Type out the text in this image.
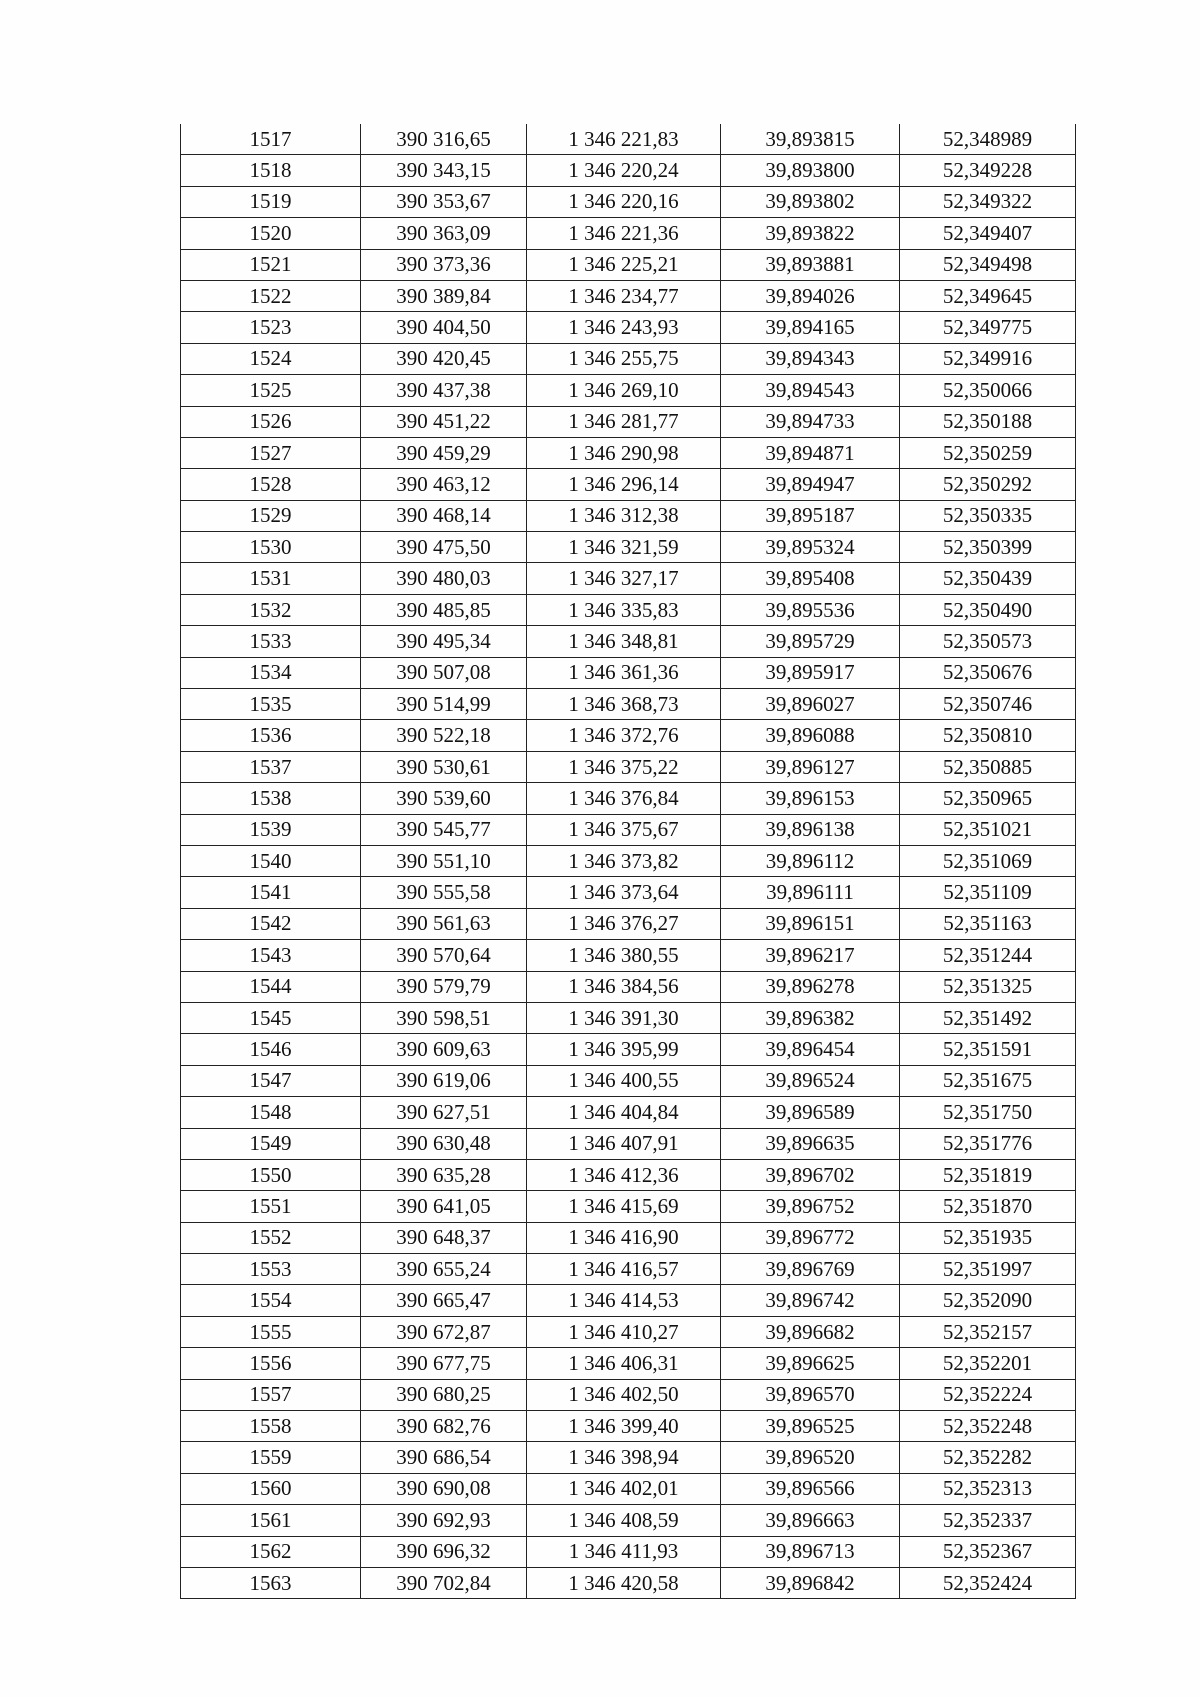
1517	390 316,65	1 346 221,83	39,893815	52,348989
1518	390 343,15	1 346 220,24	39,893800	52,349228
1519	390 353,67	1 346 220,16	39,893802	52,349322
1520	390 363,09	1 346 221,36	39,893822	52,349407
1521	390 373,36	1 346 225,21	39,893881	52,349498
1522	390 389,84	1 346 234,77	39,894026	52,349645
1523	390 404,50	1 346 243,93	39,894165	52,349775
1524	390 420,45	1 346 255,75	39,894343	52,349916
1525	390 437,38	1 346 269,10	39,894543	52,350066
1526	390 451,22	1 346 281,77	39,894733	52,350188
1527	390 459,29	1 346 290,98	39,894871	52,350259
1528	390 463,12	1 346 296,14	39,894947	52,350292
1529	390 468,14	1 346 312,38	39,895187	52,350335
1530	390 475,50	1 346 321,59	39,895324	52,350399
1531	390 480,03	1 346 327,17	39,895408	52,350439
1532	390 485,85	1 346 335,83	39,895536	52,350490
1533	390 495,34	1 346 348,81	39,895729	52,350573
1534	390 507,08	1 346 361,36	39,895917	52,350676
1535	390 514,99	1 346 368,73	39,896027	52,350746
1536	390 522,18	1 346 372,76	39,896088	52,350810
1537	390 530,61	1 346 375,22	39,896127	52,350885
1538	390 539,60	1 346 376,84	39,896153	52,350965
1539	390 545,77	1 346 375,67	39,896138	52,351021
1540	390 551,10	1 346 373,82	39,896112	52,351069
1541	390 555,58	1 346 373,64	39,896111	52,351109
1542	390 561,63	1 346 376,27	39,896151	52,351163
1543	390 570,64	1 346 380,55	39,896217	52,351244
1544	390 579,79	1 346 384,56	39,896278	52,351325
1545	390 598,51	1 346 391,30	39,896382	52,351492
1546	390 609,63	1 346 395,99	39,896454	52,351591
1547	390 619,06	1 346 400,55	39,896524	52,351675
1548	390 627,51	1 346 404,84	39,896589	52,351750
1549	390 630,48	1 346 407,91	39,896635	52,351776
1550	390 635,28	1 346 412,36	39,896702	52,351819
1551	390 641,05	1 346 415,69	39,896752	52,351870
1552	390 648,37	1 346 416,90	39,896772	52,351935
1553	390 655,24	1 346 416,57	39,896769	52,351997
1554	390 665,47	1 346 414,53	39,896742	52,352090
1555	390 672,87	1 346 410,27	39,896682	52,352157
1556	390 677,75	1 346 406,31	39,896625	52,352201
1557	390 680,25	1 346 402,50	39,896570	52,352224
1558	390 682,76	1 346 399,40	39,896525	52,352248
1559	390 686,54	1 346 398,94	39,896520	52,352282
1560	390 690,08	1 346 402,01	39,896566	52,352313
1561	390 692,93	1 346 408,59	39,896663	52,352337
1562	390 696,32	1 346 411,93	39,896713	52,352367
1563	390 702,84	1 346 420,58	39,896842	52,352424
